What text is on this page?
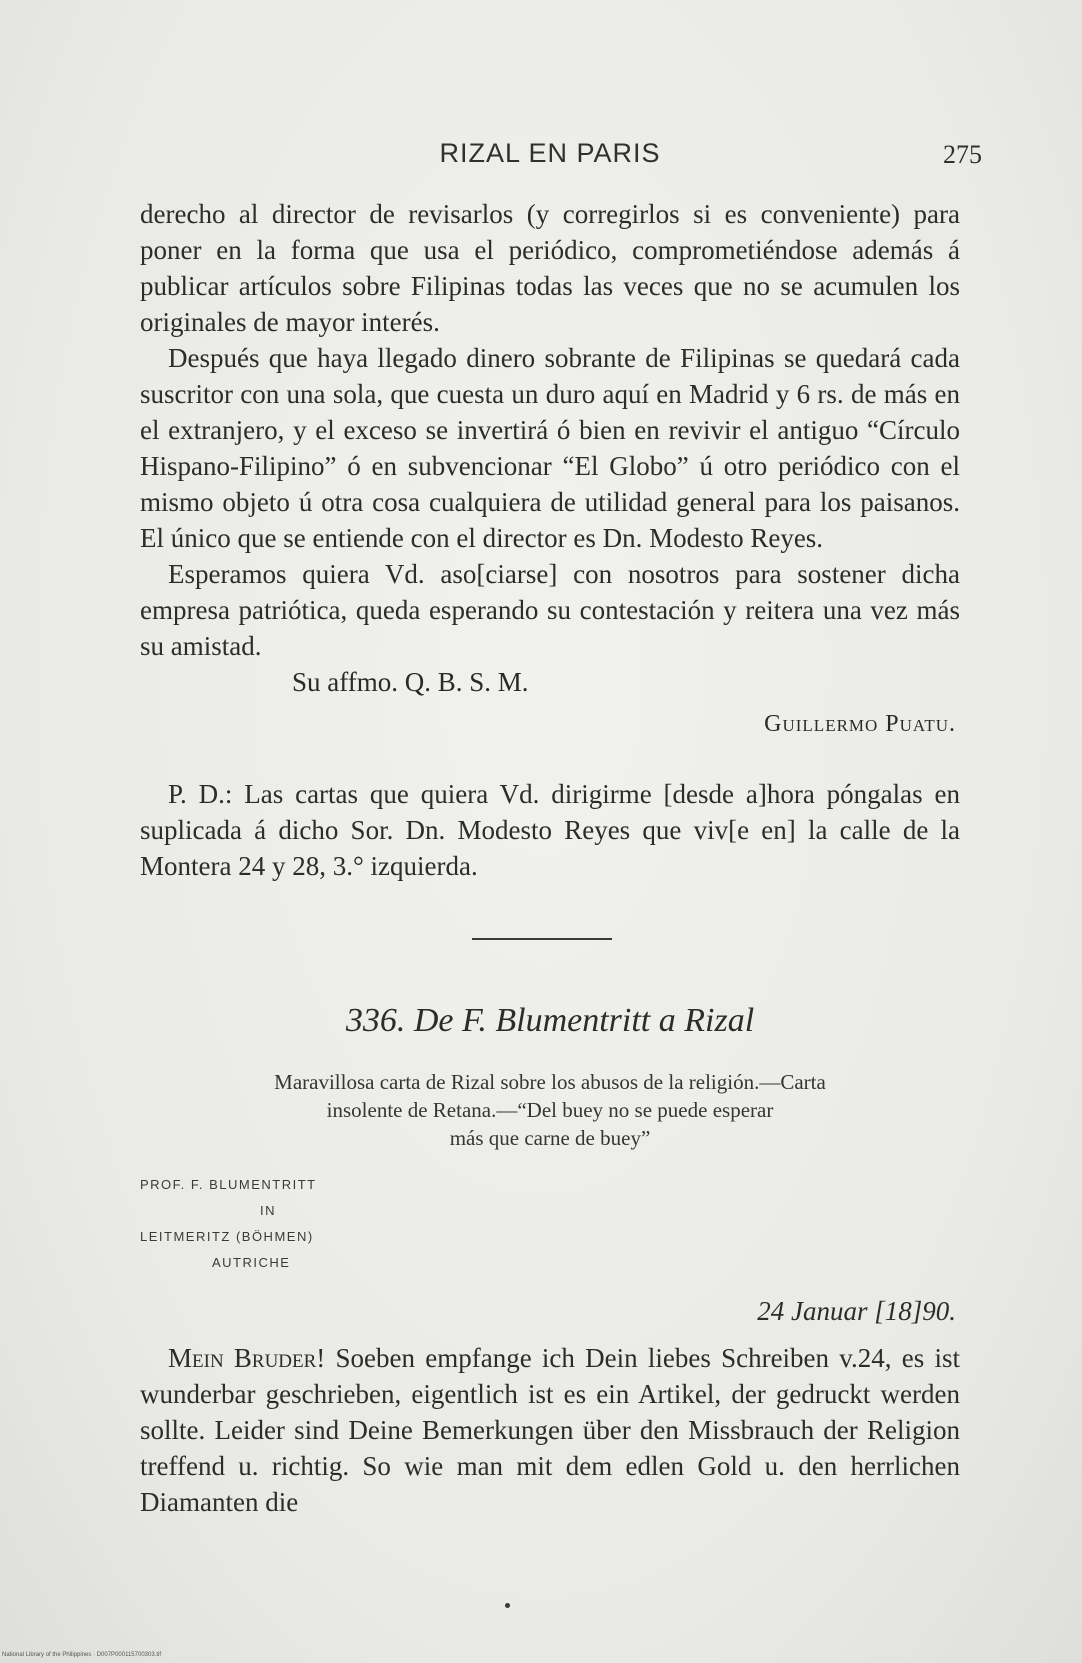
RIZAL EN PARIS	275

derecho al director de revisarlos (y corregirlos si es conveniente) para poner en la forma que usa el periódico, comprometiéndose además á publicar artículos sobre Filipinas todas las veces que no se acumulen los originales de mayor interés.

Después que haya llegado dinero sobrante de Filipinas se quedará cada suscritor con una sola, que cuesta un duro aquí en Madrid y 6 rs. de más en el extranjero, y el exceso se invertirá ó bien en revivir el antiguo “Círculo Hispano-Filipino” ó en subvencionar “El Globo” ú otro periódico con el mismo objeto ú otra cosa cualquiera de utilidad general para los paisanos. El único que se entiende con el director es Dn. Modesto Reyes.

Esperamos quiera Vd. aso[ciarse] con nosotros para sostener dicha empresa patriótica, queda esperando su contestación y reitera una vez más su amistad.

Su affmo. Q. B. S. M.

Guillermo Puatu.

P. D.: Las cartas que quiera Vd. dirigirme [desde a]hora póngalas en suplicada á dicho Sor. Dn. Modesto Reyes que viv[e en] la calle de la Montera 24 y 28, 3.° izquierda.

336. De F. Blumentritt a Rizal
Maravillosa carta de Rizal sobre los abusos de la religión.—Carta
insolente de Retana.—“Del buey no se puede esperar
más que carne de buey”
PROF. F. BLUMENTRITT
IN
LEITMERITZ (BÖHMEN)
AUTRICHE
24 Januar [18]90.

Mein Bruder! Soeben empfange ich Dein liebes Schreiben v.24, es ist wunderbar geschrieben, eigentlich ist es ein Artikel, der gedruckt werden sollte. Leider sind Deine Bemerkungen über den Missbrauch der Religion treffend u. richtig. So wie man mit dem edlen Gold u. den herrlichen Diamanten die

National Library of the Philippines · D007P000115700303.tif
